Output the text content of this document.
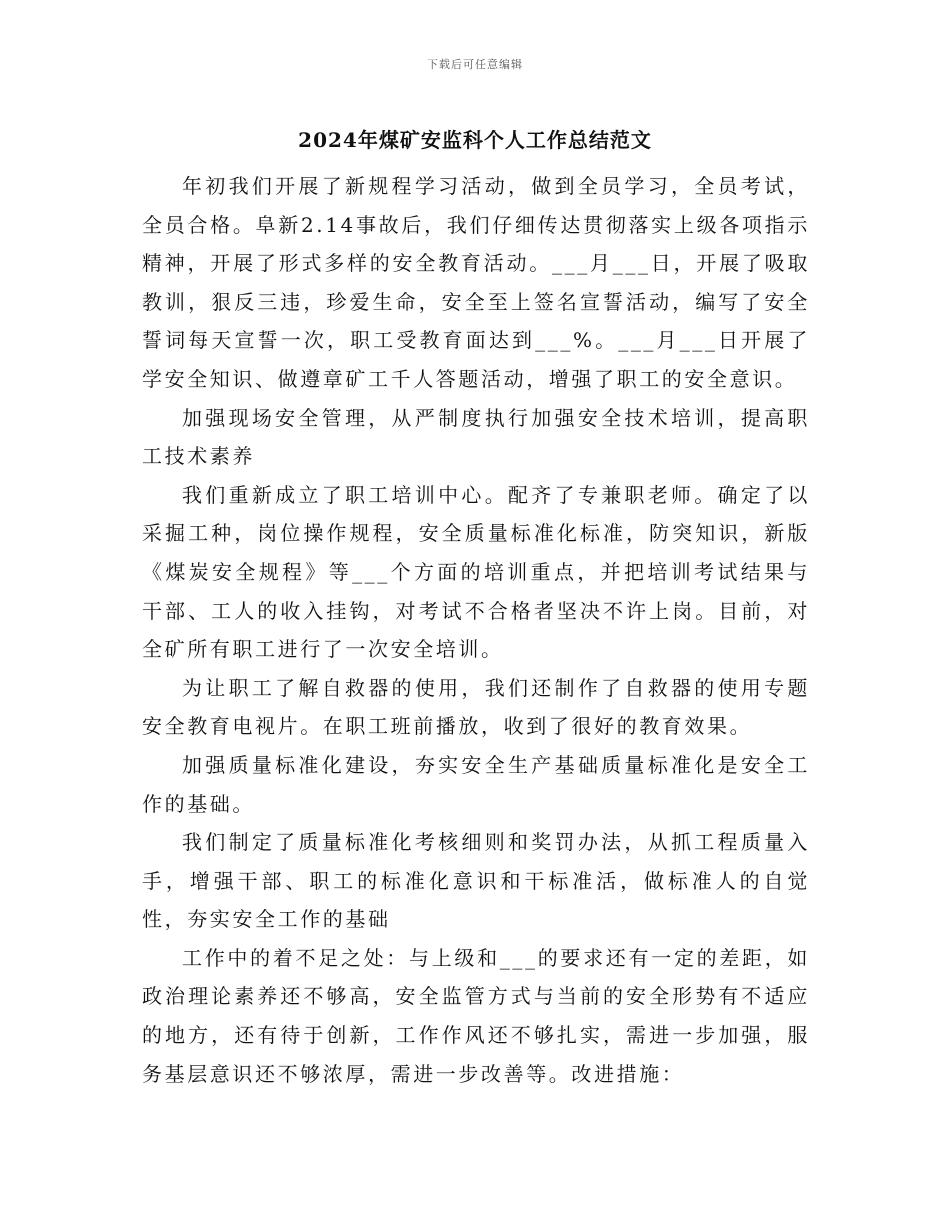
下载后可任意编辑
2024年煤矿安监科个人工作总结范文

年初我们开展了新规程学习活动，做到全员学习，全员考试，全员合格。阜新2.14事故后，我们仔细传达贯彻落实上级各项指示精神，开展了形式多样的安全教育活动。___月___日，开展了吸取教训，狠反三违，珍爱生命，安全至上签名宣誓活动，编写了安全誓词每天宣誓一次，职工受教育面达到___%。___月___日开展了学安全知识、做遵章矿工千人答题活动，增强了职工的安全意识。

加强现场安全管理，从严制度执行加强安全技术培训，提高职工技术素养

我们重新成立了职工培训中心。配齐了专兼职老师。确定了以采掘工种，岗位操作规程，安全质量标准化标准，防突知识，新版《煤炭安全规程》等___个方面的培训重点，并把培训考试结果与干部、工人的收入挂钩，对考试不合格者坚决不许上岗。目前，对全矿所有职工进行了一次安全培训。

为让职工了解自救器的使用，我们还制作了自救器的使用专题安全教育电视片。在职工班前播放，收到了很好的教育效果。

加强质量标准化建设，夯实安全生产基础质量标准化是安全工作的基础。

我们制定了质量标准化考核细则和奖罚办法，从抓工程质量入手，增强干部、职工的标准化意识和干标准活，做标准人的自觉性，夯实安全工作的基础

工作中的着不足之处：与上级和___的要求还有一定的差距，如政治理论素养还不够高，安全监管方式与当前的安全形势有不适应的地方，还有待于创新，工作作风还不够扎实，需进一步加强，服务基层意识还不够浓厚，需进一步改善等。改进措施：
